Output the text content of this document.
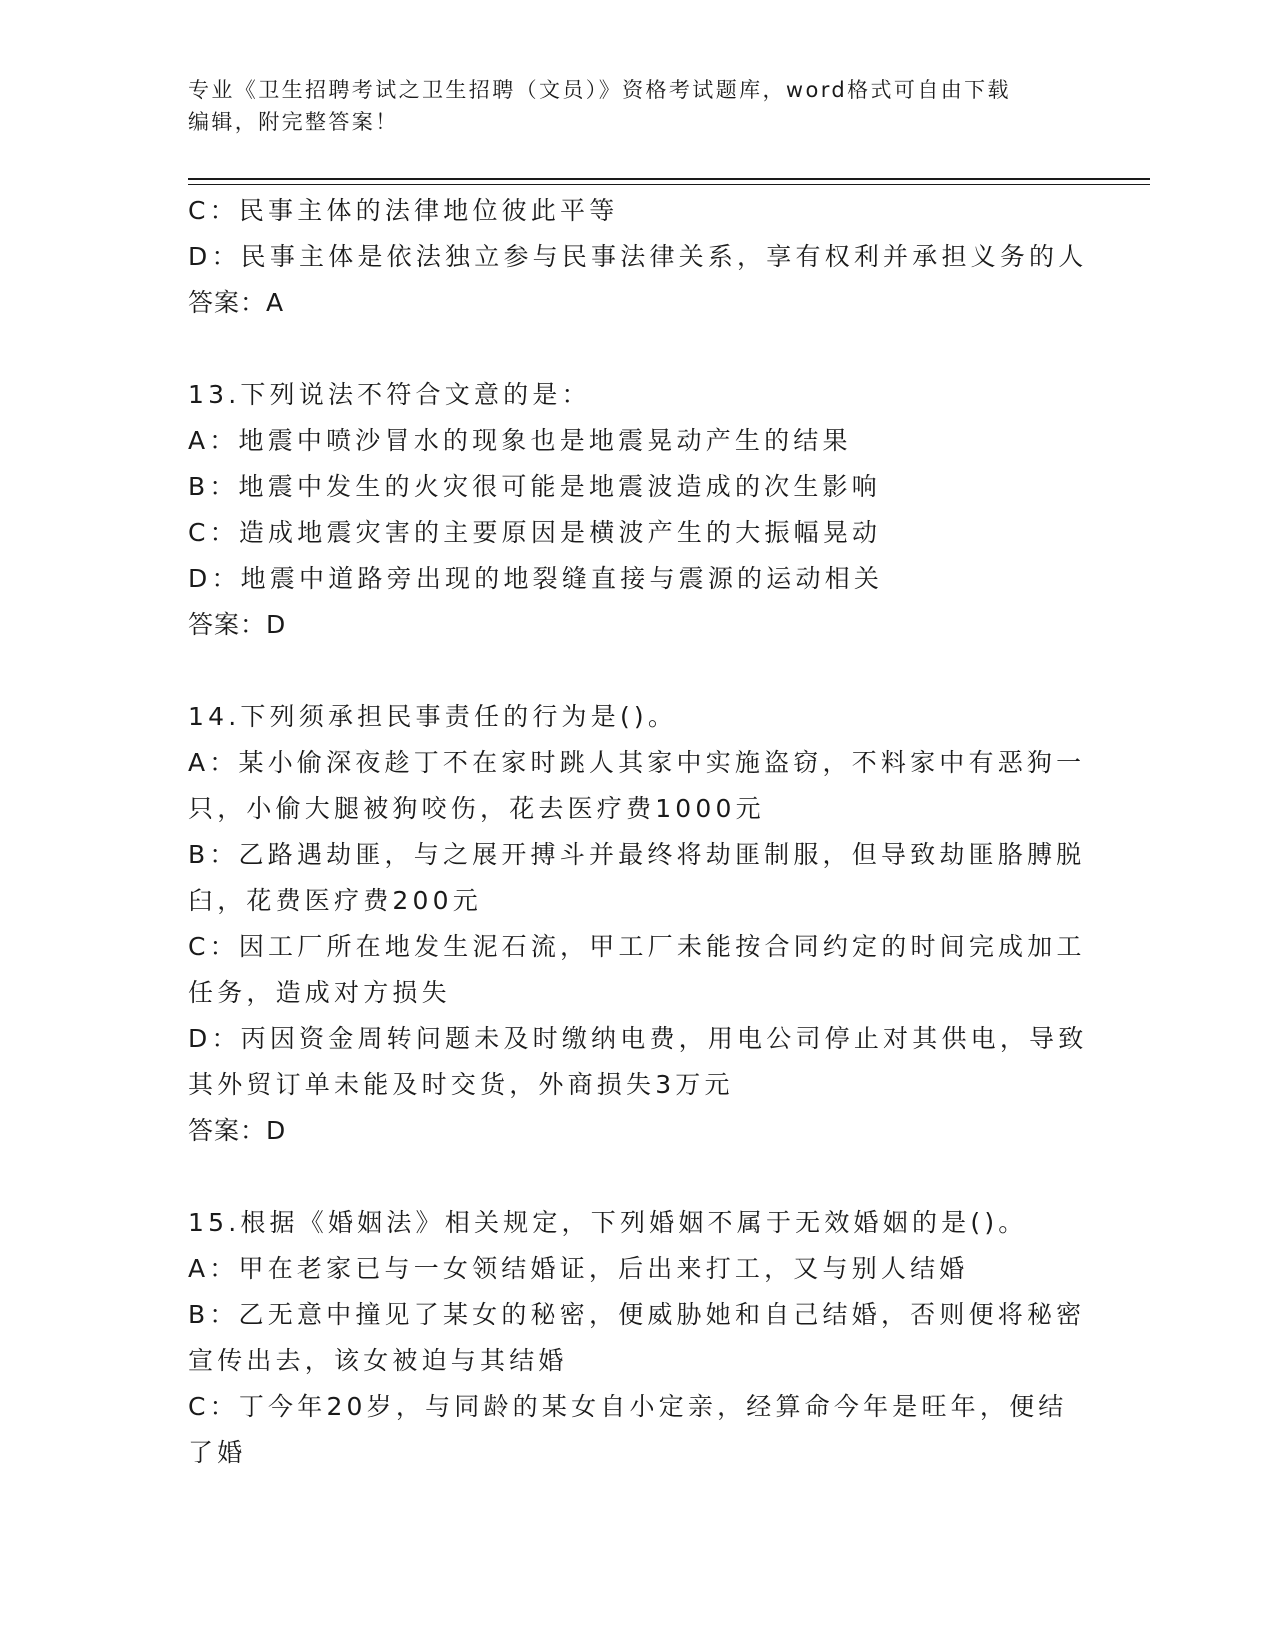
专业《卫生招聘考试之卫生招聘（文员）》资格考试题库，word格式可自由下载

编辑，附完整答案！

C：民事主体的法律地位彼此平等

D：民事主体是依法独立参与民事法律关系，享有权利并承担义务的人

答案：A

13.下列说法不符合文意的是：

A：地震中喷沙冒水的现象也是地震晃动产生的结果

B：地震中发生的火灾很可能是地震波造成的次生影响

C：造成地震灾害的主要原因是横波产生的大振幅晃动

D：地震中道路旁出现的地裂缝直接与震源的运动相关

答案：D

14.下列须承担民事责任的行为是()。

A：某小偷深夜趁丁不在家时跳人其家中实施盗窃，不料家中有恶狗一

只，小偷大腿被狗咬伤，花去医疗费1000元

B：乙路遇劫匪，与之展开搏斗并最终将劫匪制服，但导致劫匪胳膊脱

臼，花费医疗费200元

C：因工厂所在地发生泥石流，甲工厂未能按合同约定的时间完成加工

任务，造成对方损失

D：丙因资金周转问题未及时缴纳电费，用电公司停止对其供电，导致

其外贸订单未能及时交货，外商损失3万元

答案：D

15.根据《婚姻法》相关规定，下列婚姻不属于无效婚姻的是()。

A：甲在老家已与一女领结婚证，后出来打工，又与别人结婚

B：乙无意中撞见了某女的秘密，便威胁她和自己结婚，否则便将秘密

宣传出去，该女被迫与其结婚

C：丁今年20岁，与同龄的某女自小定亲，经算命今年是旺年，便结

了婚
